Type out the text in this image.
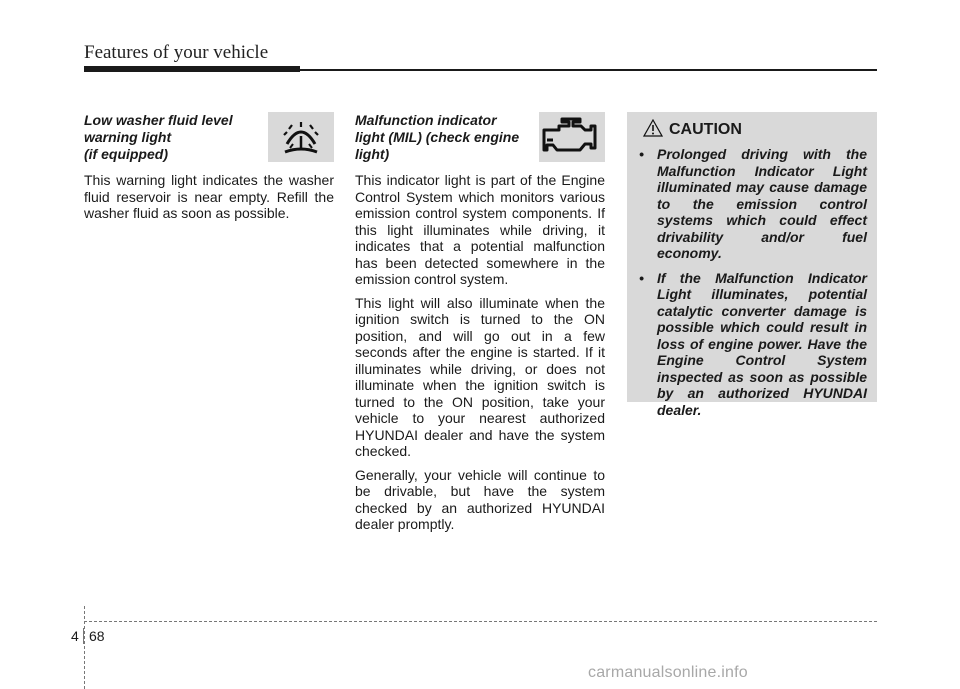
Features of your vehicle
Low washer fluid level
warning light
(if equipped)

This warning light indicates the washer fluid reservoir is near empty. Refill the washer fluid as soon as possible.

Malfunction indicator
light (MIL) (check engine
light)

This indicator light is part of the Engine Control System which monitors various emission control system components. If this light illuminates while driving, it indicates that a potential malfunction has been detected somewhere in the emission control system.

This light will also illuminate when the ignition switch is turned to the ON position, and will go out in a few seconds after the engine is started. If it illuminates while driving, or does not illuminate when the ignition switch is turned to the ON position, take your vehicle to your nearest authorized HYUNDAI dealer and have the system checked.

Generally, your vehicle will continue to be drivable, but have the system checked by an authorized HYUNDAI dealer promptly.

CAUTION
• Prolonged driving with the Malfunction Indicator Light illuminated may cause damage to the emission control systems which could effect drivability and/or fuel economy.
• If the Malfunction Indicator Light illuminates, potential catalytic converter damage is possible which could result in loss of engine power. Have the Engine Control System inspected as soon as possible by an authorized HYUNDAI dealer.
4 68
carmanualsonline.info
